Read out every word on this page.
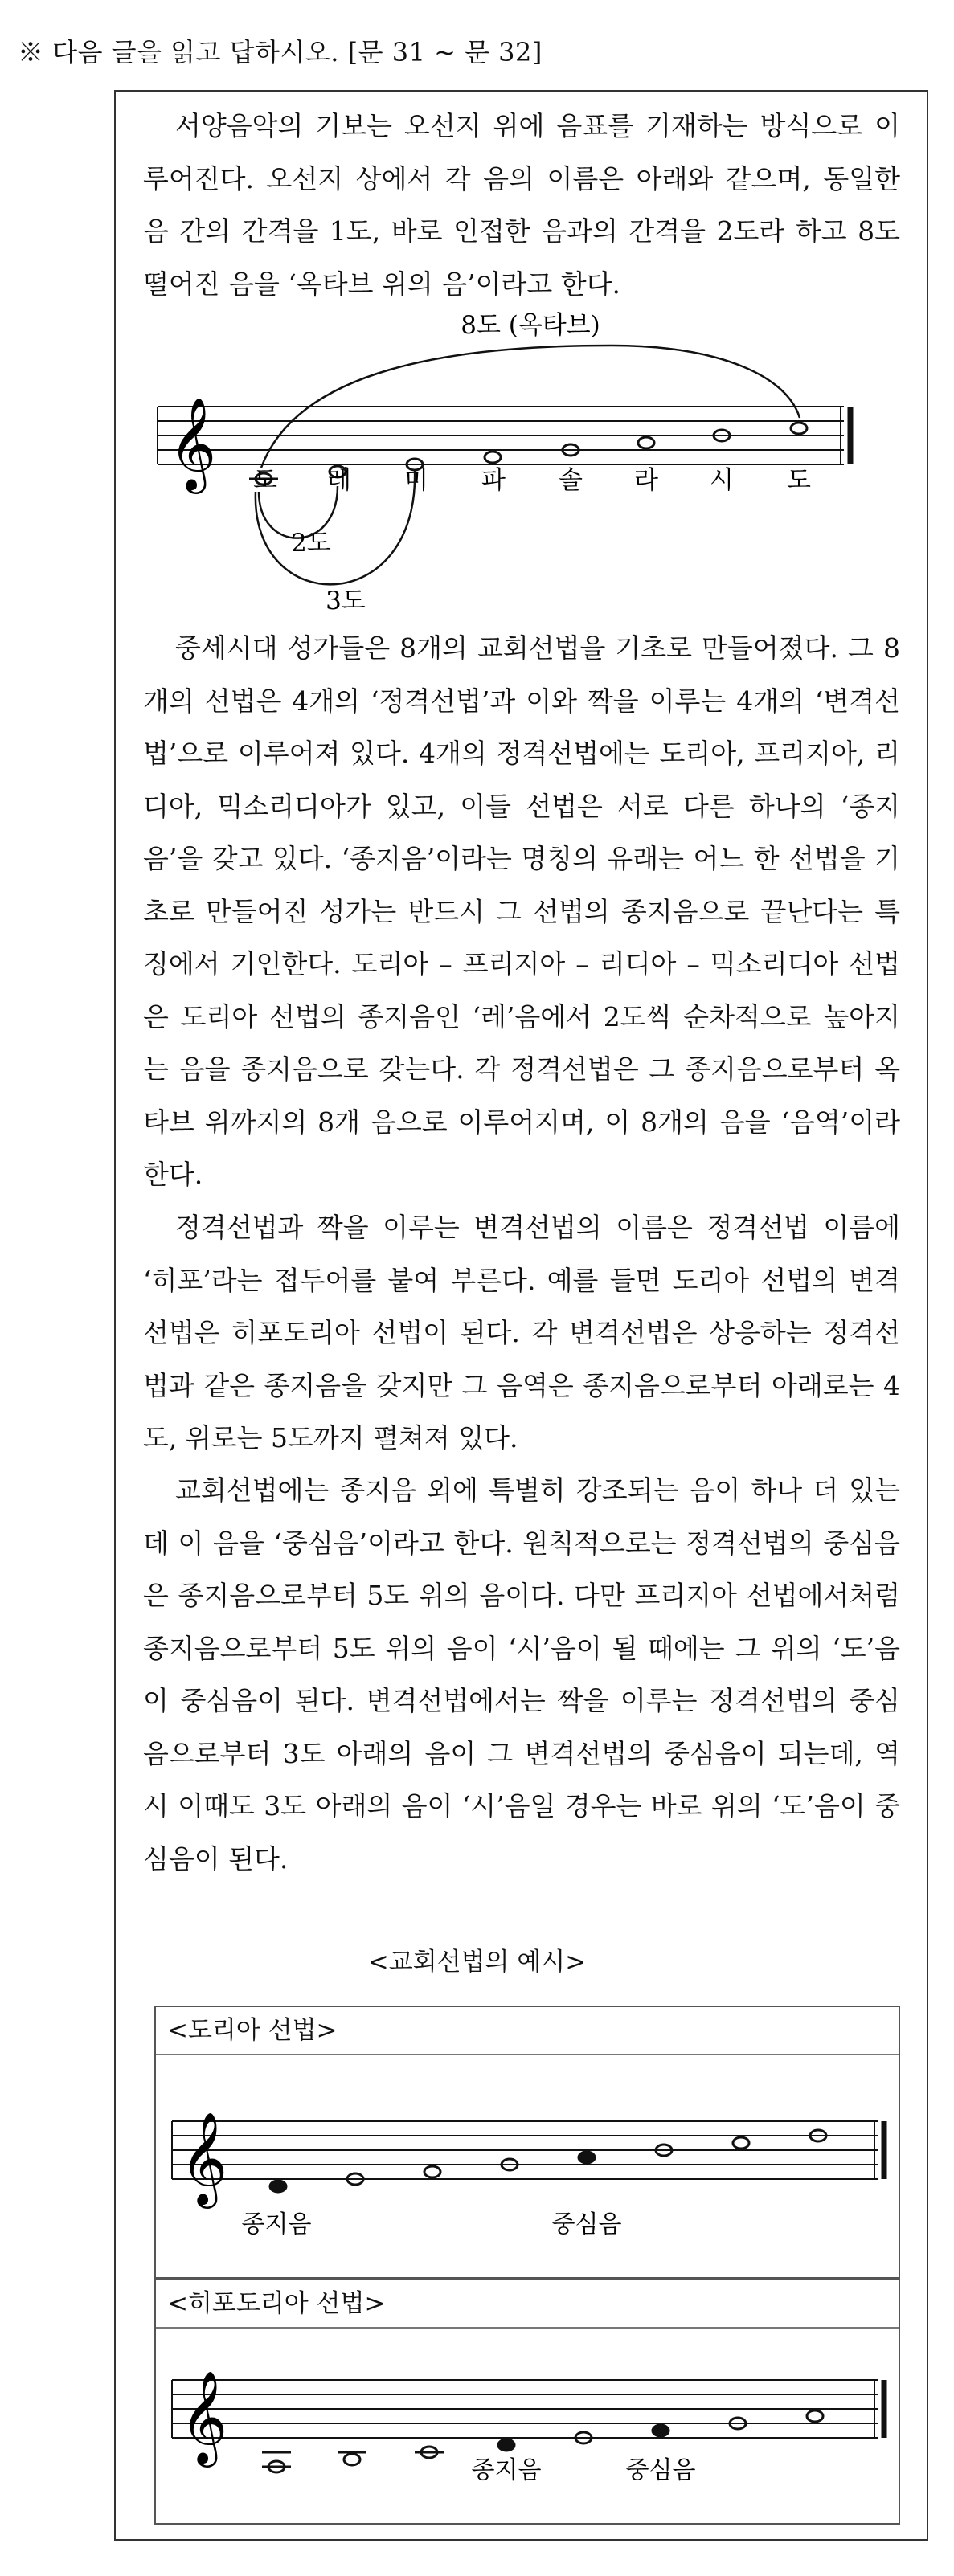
※ 다음 글을 읽고 답하시오. [문 31 ~ 문 32]

서양음악의 기보는 오선지 위에 음표를 기재하는 방식으로 이루어진다. 오선지 상에서 각 음의 이름은 아래와 같으며, 동일한 음 간의 간격을 1도, 바로 인접한 음과의 간격을 2도라 하고 8도 떨어진 음을 ‘옥타브 위의 음’이라고 한다.

8도 (옥타브)
𝄞 도 레 미 파 솔 라 시 도
2도
3도

중세시대 성가들은 8개의 교회선법을 기초로 만들어졌다. 그 8개의 선법은 4개의 ‘정격선법’과 이와 짝을 이루는 4개의 ‘변격선법’으로 이루어져 있다. 4개의 정격선법에는 도리아, 프리지아, 리디아, 믹소리디아가 있고, 이들 선법은 서로 다른 하나의 ‘종지음’을 갖고 있다. ‘종지음’이라는 명칭의 유래는 어느 한 선법을 기초로 만들어진 성가는 반드시 그 선법의 종지음으로 끝난다는 특징에서 기인한다. 도리아 – 프리지아 – 리디아 – 믹소리디아 선법은 도리아 선법의 종지음인 ‘레’음에서 2도씩 순차적으로 높아지는 음을 종지음으로 갖는다. 각 정격선법은 그 종지음으로부터 옥타브 위까지의 8개 음으로 이루어지며, 이 8개의 음을 ‘음역’이라 한다.

정격선법과 짝을 이루는 변격선법의 이름은 정격선법 이름에 ‘히포’라는 접두어를 붙여 부른다. 예를 들면 도리아 선법의 변격선법은 히포도리아 선법이 된다. 각 변격선법은 상응하는 정격선법과 같은 종지음을 갖지만 그 음역은 종지음으로부터 아래로는 4도, 위로는 5도까지 펼쳐져 있다.

교회선법에는 종지음 외에 특별히 강조되는 음이 하나 더 있는데 이 음을 ‘중심음’이라고 한다. 원칙적으로는 정격선법의 중심음은 종지음으로부터 5도 위의 음이다. 다만 프리지아 선법에서처럼 종지음으로부터 5도 위의 음이 ‘시’음이 될 때에는 그 위의 ‘도’음이 중심음이 된다. 변격선법에서는 짝을 이루는 정격선법의 중심음으로부터 3도 아래의 음이 그 변격선법의 중심음이 되는데, 역시 이때도 3도 아래의 음이 ‘시’음일 경우는 바로 위의 ‘도’음이 중심음이 된다.

<교회선법의 예시>
<도리아 선법>
𝄞
종지음	중심음
<히포도리아 선법>
𝄞
종지음	중심음
